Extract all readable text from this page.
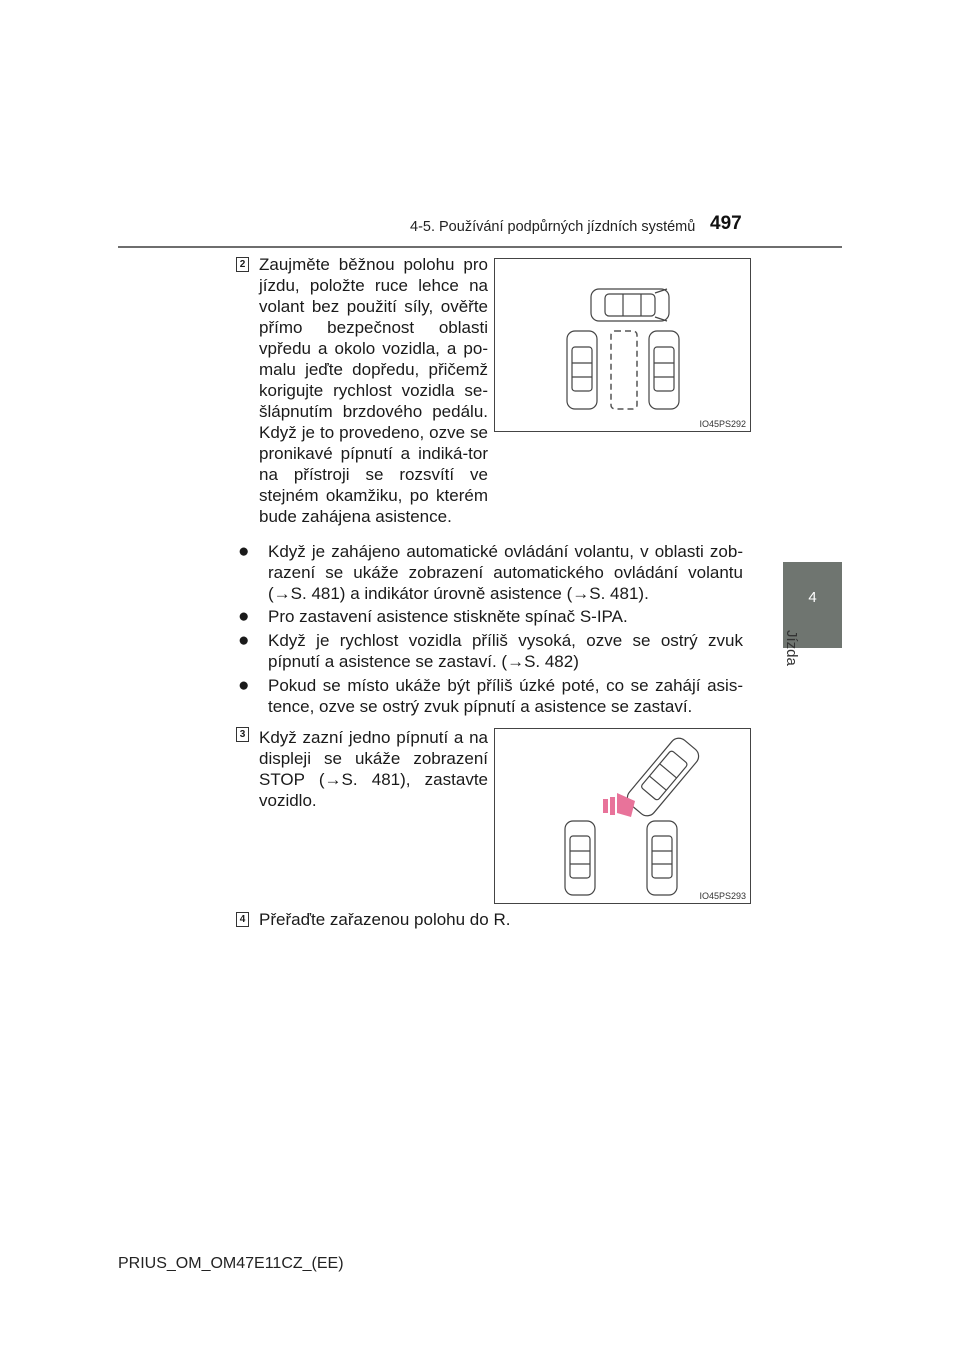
4-5. Používání podpůrných jízdních systémů 497
4
Jízda
2 Zaujměte běžnou polohu pro jízdu, položte ruce lehce na volant bez použití síly, ověřte přímo bezpečnost oblasti vpředu a okolo vozidla, a po-malu jeďte dopředu, přičemž korigujte rychlost vozidla se-šlápnutím brzdového pedálu. Když je to provedeno, ozve se pronikavé pípnutí a indiká-tor na přístroji se rozsvítí ve stejném okamžiku, po kterém bude zahájena asistence.
IO45PS292
● Když je zahájeno automatické ovládání volantu, v oblasti zob-razení se ukáže zobrazení automatického ovládání volantu (→S. 481) a indikátor úrovně asistence (→S. 481).
● Pro zastavení asistence stiskněte spínač S-IPA.
● Když je rychlost vozidla příliš vysoká, ozve se ostrý zvuk pípnutí a asistence se zastaví. (→S. 482)
● Pokud se místo ukáže být příliš úzké poté, co se zahájí asis-tence, ozve se ostrý zvuk pípnutí a asistence se zastaví.
3 Když zazní jedno pípnutí a na displeji se ukáže zobrazení STOP (→S. 481), zastavte vozidlo.
IO45PS293
4 Přeřaďte zařazenou polohu do R.
PRIUS_OM_OM47E11CZ_(EE)
